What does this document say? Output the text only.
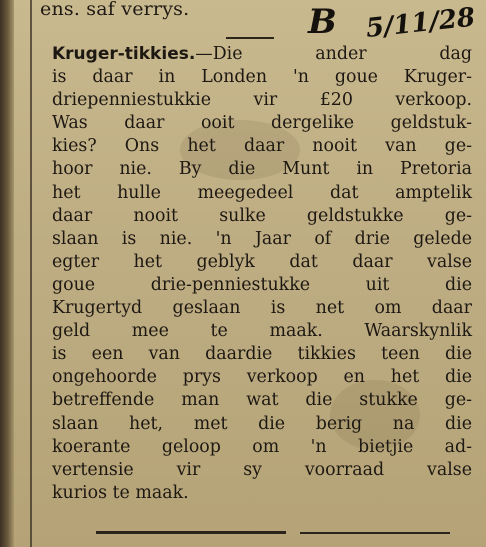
ens. saf verrys.	B 5/11/28
Kruger-tikkies.—Die ander dag
is daar in Londen 'n goue Kruger-
driepenniestukkie vir £20 verkoop.
Was daar ooit dergelike geldstuk-
kies? Ons het daar nooit van ge-
hoor nie. By die Munt in Pretoria
het hulle meegedeel dat amptelik
daar nooit sulke geldstukke ge-
slaan is nie. 'n Jaar of drie gelede
egter het geblyk dat daar valse
goue drie-penniestukke uit die
Krugertyd geslaan is net om daar
geld mee te maak. Waarskynlik
is een van daardie tikkies teen die
ongehoorde prys verkoop en het die
betreffende man wat die stukke ge-
slaan het, met die berig na die
koerante geloop om 'n bietjie ad-
vertensie vir sy voorraad valse
kurios te maak.
